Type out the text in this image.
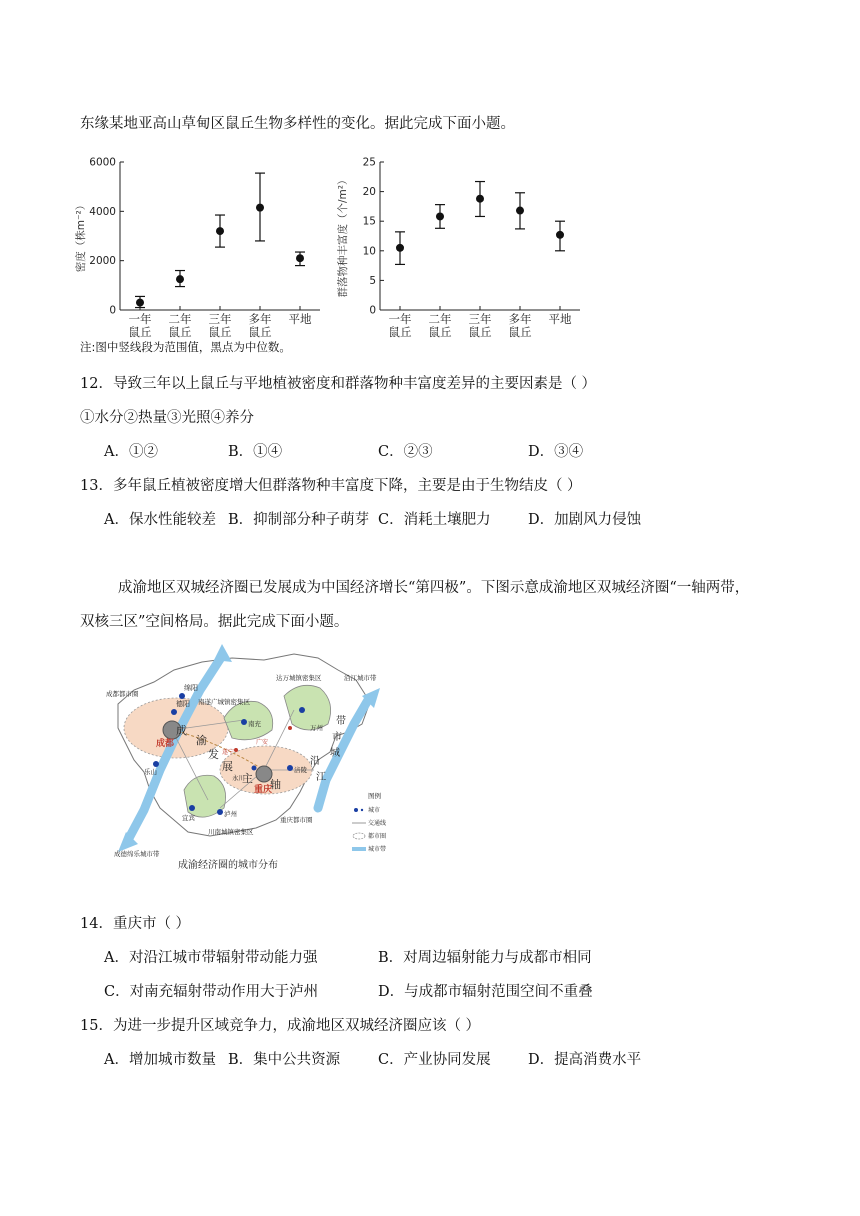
东缘某地亚高山草甸区鼠丘生物多样性的变化。据此完成下面小题。
0
2000
4000
6000
密度（株m⁻²）
一年
鼠丘
二年
鼠丘
三年
鼠丘
多年
鼠丘
平地
0
5
10
15
20
25
群落物种丰富度（个/m²）
一年
鼠丘
二年
鼠丘
三年
鼠丘
多年
鼠丘
平地
注:图中竖线段为范围值，黑点为中位数。
12．导致三年以上鼠丘与平地植被密度和群落物种丰富度差异的主要因素是（ ）
①水分②热量③光照④养分
A．①②	B．①④	C．②③	D．③④
13．多年鼠丘植被密度增大但群落物种丰富度下降，主要是由于生物结皮（ ）
A．保水性能较差 B．抑制部分种子萌芽 C．消耗土壤肥力	D．加剧风力侵蚀
成渝地区双城经济圈已发展成为中国经济增长“第四极”。下图示意成渝地区双城经济圈“一轴两带，
双核三区”空间格局。据此完成下面小题。
绵阳
德阳
成都都市圈
南遂广城镇密集区
达万城镇密集区	沿江城市带
南充	万州
广安
遂宁
成都
重庆
乐山
宜宾	泸州
永川
涪陵
川南城镇密集区
重庆都市圈
成德绵乐城市带
成
渝
发
展
主 轴
沿
江
带
市
城
图例
城市
交通线
都市圈
城市带
成渝经济圈的城市分布
14．重庆市（ ）
A．对沿江城市带辐射带动能力强	B．对周边辐射能力与成都市相同
C．对南充辐射带动作用大于泸州	D．与成都市辐射范围空间不重叠
15．为进一步提升区域竞争力，成渝地区双城经济圈应该（ ）
A．增加城市数量 B．集中公共资源	C．产业协同发展	D．提高消费水平
